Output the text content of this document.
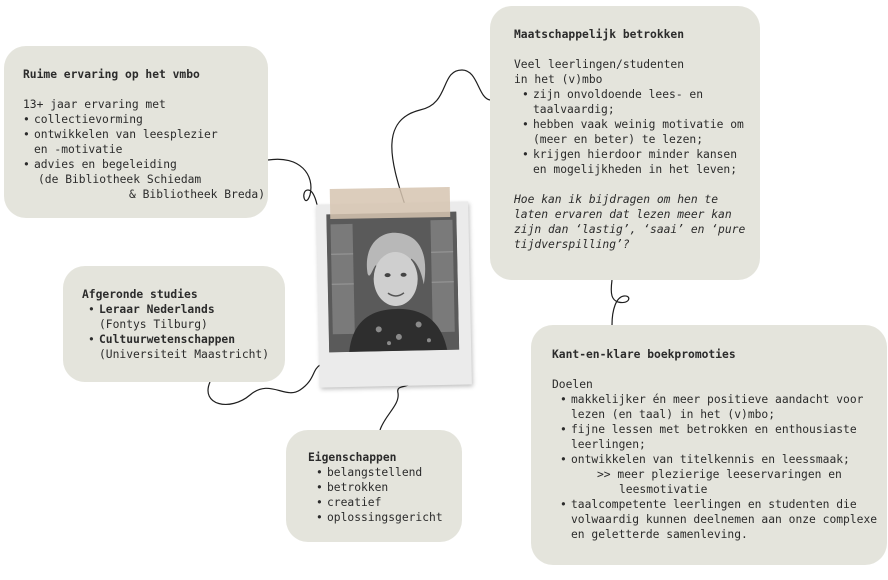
Ruime ervaring op het vmbo

13+ jaar ervaring met

• collectievorming
• ontwikkelen van leesplezier
en -motivatie
• advies en begeleiding
(de Bibliotheek Schiedam
& Bibliotheek Breda)
Afgeronde studies
• Leraar Nederlands
(Fontys Tilburg)
• Cultuurwetenschappen
(Universiteit Maastricht)
Eigenschappen
• belangstellend
• betrokken
• creatief
• oplossingsgericht
Maatschappelijk betrokken

Veel leerlingen/studenten

in het (v)mbo

• zijn onvoldoende lees- en
taalvaardig;
• hebben vaak weinig motivatie om
(meer en beter) te lezen;
• krijgen hierdoor minder kansen
en mogelijkheden in het leven;

Hoe kan ik bijdragen om hen te laten ervaren dat lezen meer kan zijn dan ‘lastig’, ‘saai’ en ‘pure tijdverspilling’?

Kant-en-klare boekpromoties

Doelen

• makkelijker én meer positieve aandacht voor
lezen (en taal) in het (v)mbo;
• fijne lessen met betrokken en enthousiaste
leerlingen;
• ontwikkelen van titelkennis en leessmaak;
>> meer plezierige leeservaringen en
leesmotivatie
• taalcompetente leerlingen en studenten die
volwaardig kunnen deelnemen aan onze complexe
en geletterde samenleving.
